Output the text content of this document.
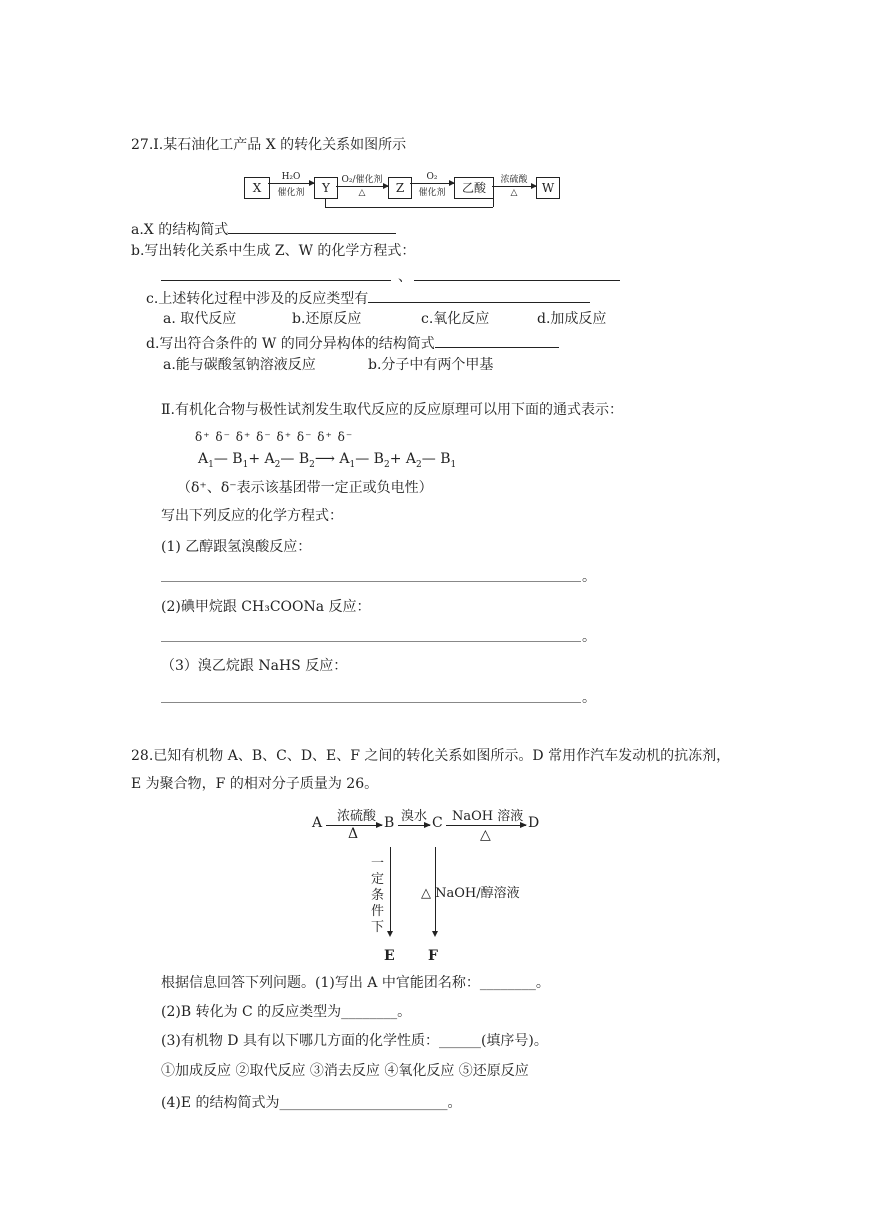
27.Ⅰ.某石油化工产品 X 的转化关系如图所示
X
H₂O
催化剂	Y
O₂/催化剂
△	Z
O₂
催化剂	乙酸
浓硫酸
△	W
a.X 的结构简式
b.写出转化关系中生成 Z、W 的化学方程式：
、
c.上述转化过程中涉及的反应类型有
a. 取代反应	b.还原反应	c.氧化反应	d.加成反应
d.写出符合条件的 W 的同分异构体的结构简式
a.能与碳酸氢钠溶液反应	b.分子中有两个甲基
Ⅱ.有机化合物与极性试剂发生取代反应的反应原理可以用下面的通式表示：
δ⁺ δ⁻ δ⁺ δ⁻ δ⁺ δ⁻ δ⁺ δ⁻
$A_1—$ $B_1+$ $A_2—$ $B_2⟶$ $A_1—$ $B_2+$ $A_2—$ $B_1$
（δ⁺、δ⁻表示该基团带一定正或负电性）
写出下列反应的化学方程式：
(1) 乙醇跟氢溴酸反应：
。
(2)碘甲烷跟 CH₃COONa 反应：
。
（3）溴乙烷跟 NaHS 反应：
。
28.已知有机物 A、B、C、D、E、F 之间的转化关系如图所示。D 常用作汽车发动机的抗冻剂，
E 为聚合物，F 的相对分子质量为 26。
A 浓硫酸
Δ
B 溴水 C NaOH 溶液
△
D
一定条件下
△ NaOH/醇溶液
E F
根据信息回答下列问题。(1)写出 A 中官能团名称：________。
(2)B 转化为 C 的反应类型为________。
(3)有机物 D 具有以下哪几方面的化学性质：______(填序号)。
①加成反应 ②取代反应 ③消去反应 ④氧化反应 ⑤还原反应
(4)E 的结构简式为________________________。
